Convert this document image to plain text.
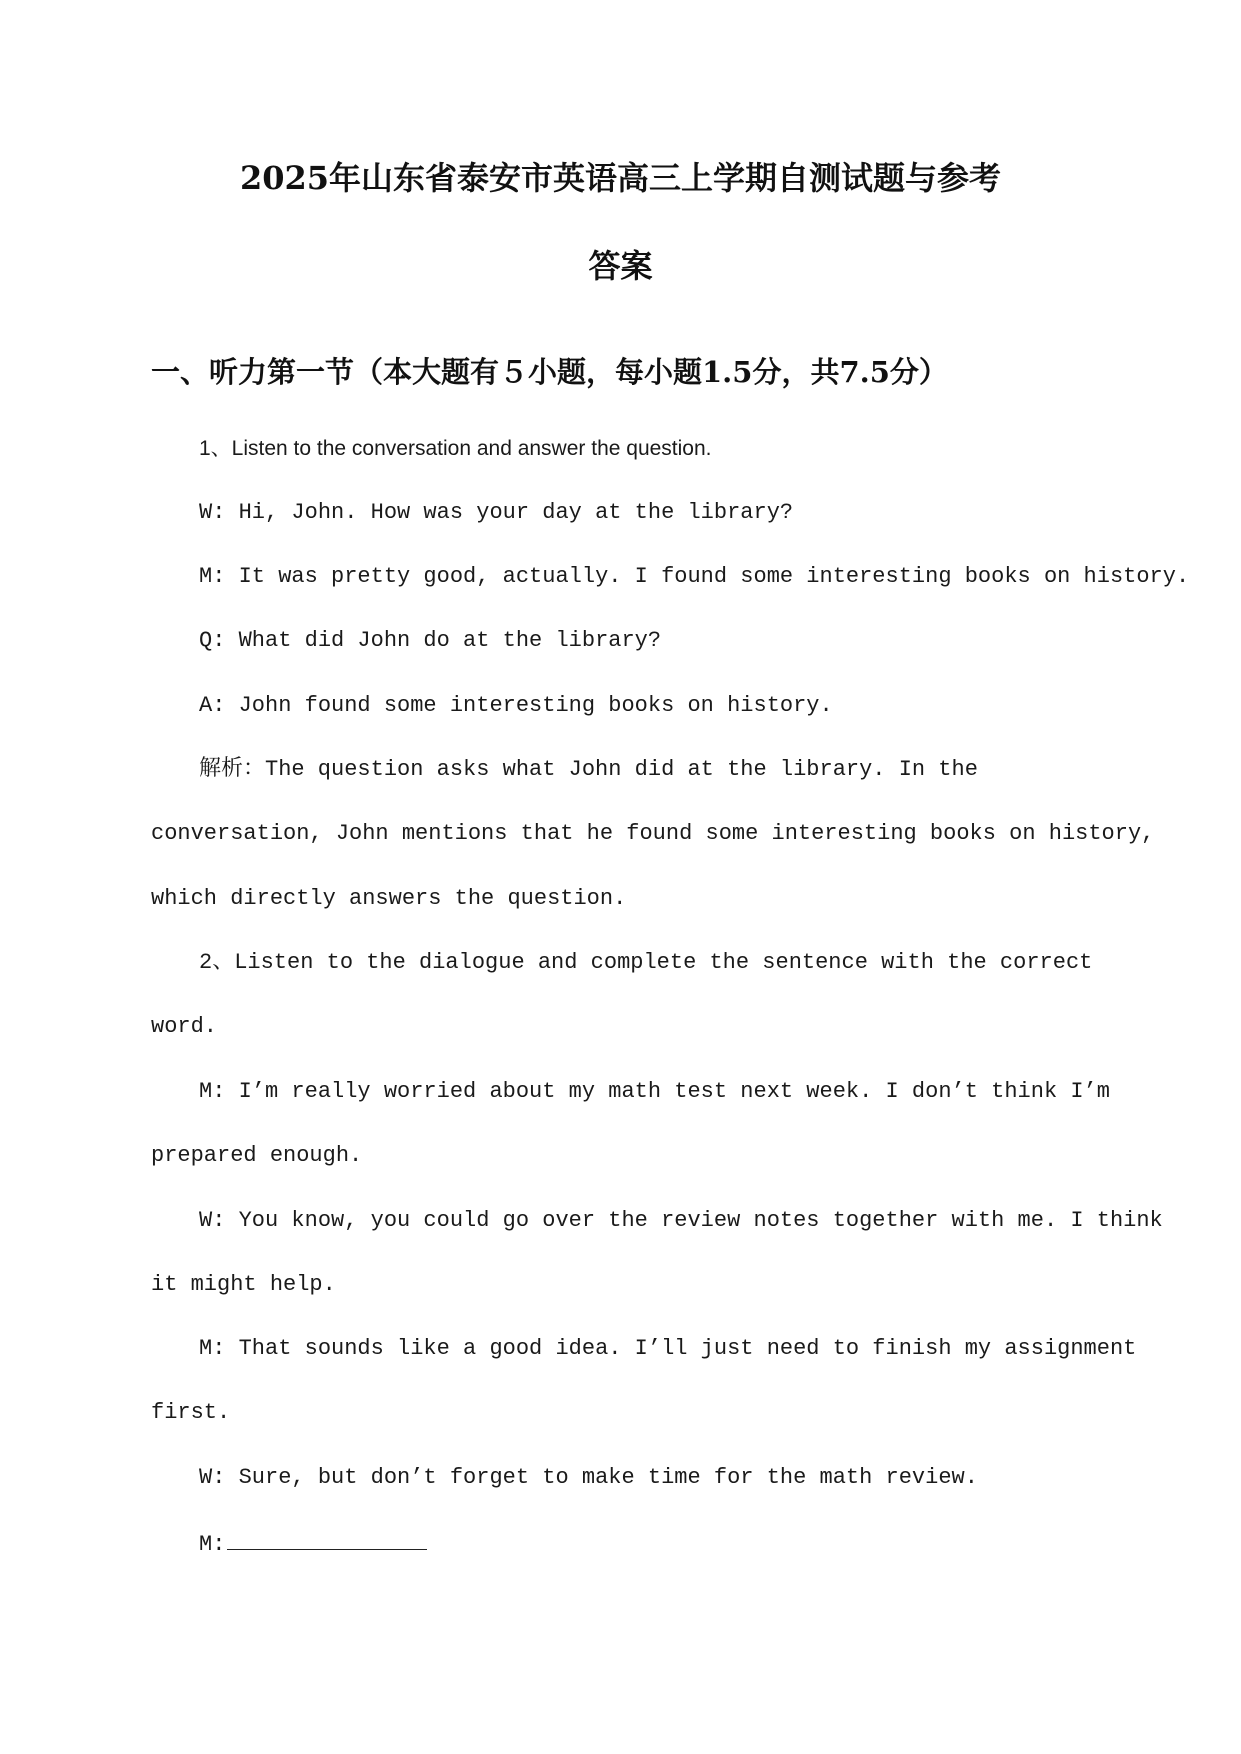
2025年山东省泰安市英语高三上学期自测试题与参考
答案
一、听力第一节（本大题有５小题，每小题1.5分，共7.5分）
1、Listen to the conversation and answer the question.
W: Hi, John. How was your day at the library?
M: It was pretty good, actually. I found some interesting books on history.
Q: What did John do at the library?
A: John found some interesting books on history.
解析：The question asks what John did at the library. In the
conversation, John mentions that he found some interesting books on history,
which directly answers the question.
2、Listen to the dialogue and complete the sentence with the correct
word.
M: I’m really worried about my math test next week. I don’t think I’m
prepared enough.
W: You know, you could go over the review notes together with me. I think
it might help.
M: That sounds like a good idea. I’ll just need to finish my assignment
first.
W: Sure, but don’t forget to make time for the math review.
M:
